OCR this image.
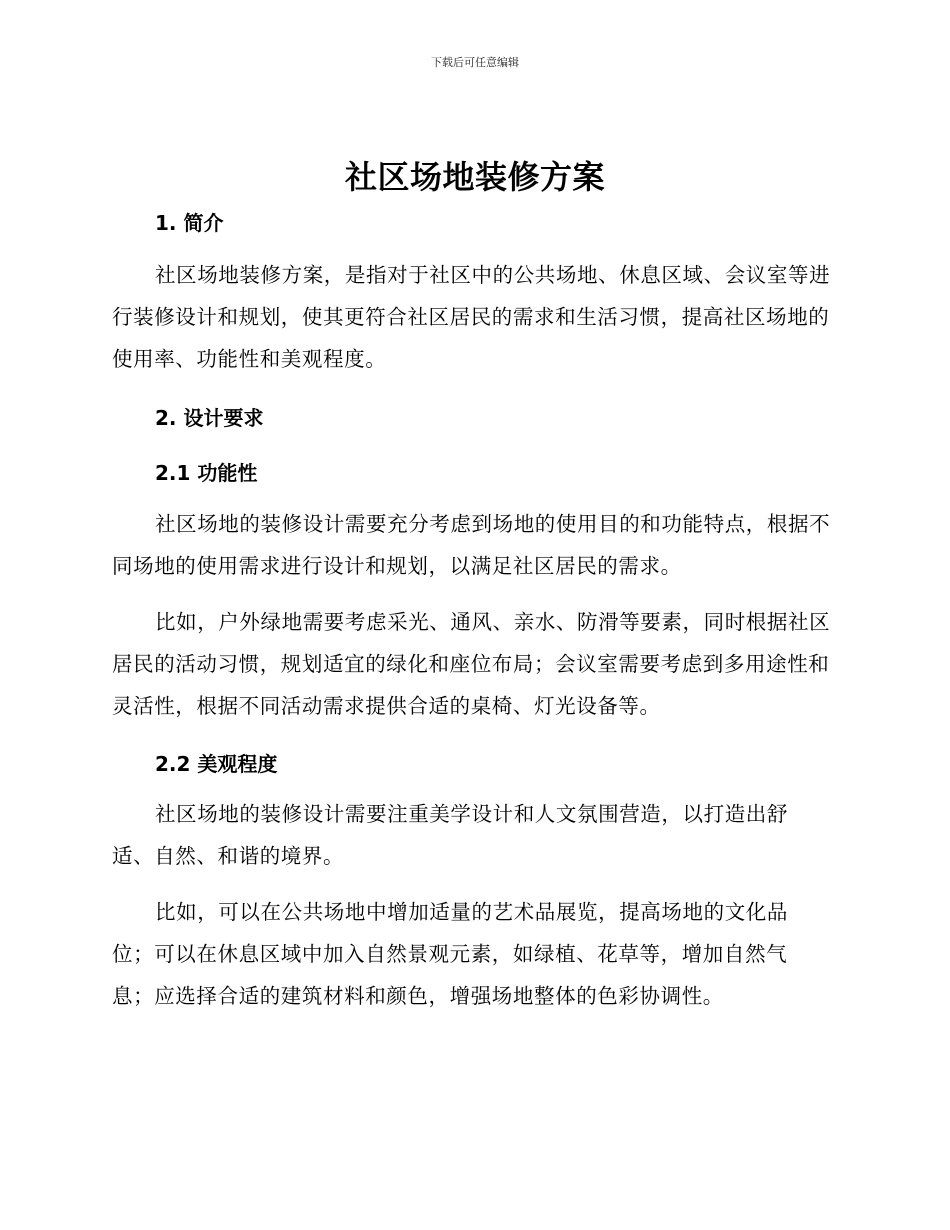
下载后可任意编辑
社区场地装修方案
1. 简介

社区场地装修方案，是指对于社区中的公共场地、休息区域、会议室等进行装修设计和规划，使其更符合社区居民的需求和生活习惯，提高社区场地的使用率、功能性和美观程度。

2. 设计要求
2.1 功能性

社区场地的装修设计需要充分考虑到场地的使用目的和功能特点，根据不同场地的使用需求进行设计和规划，以满足社区居民的需求。

比如，户外绿地需要考虑采光、通风、亲水、防滑等要素，同时根据社区居民的活动习惯，规划适宜的绿化和座位布局；会议室需要考虑到多用途性和灵活性，根据不同活动需求提供合适的桌椅、灯光设备等。

2.2 美观程度

社区场地的装修设计需要注重美学设计和人文氛围营造，以打造出舒适、自然、和谐的境界。

比如，可以在公共场地中增加适量的艺术品展览，提高场地的文化品位；可以在休息区域中加入自然景观元素，如绿植、花草等，增加自然气息；应选择合适的建筑材料和颜色，增强场地整体的色彩协调性。
